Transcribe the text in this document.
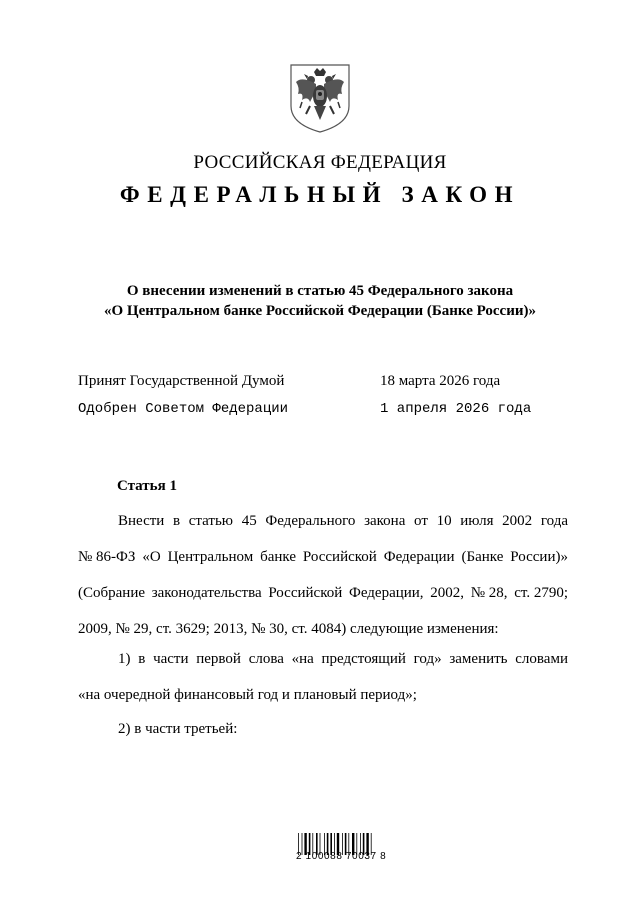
РОССИЙСКАЯ ФЕДЕРАЦИЯ
ФЕДЕРАЛЬНЫЙ ЗАКОН
О внесении изменений в статью 45 Федерального закона
«О Центральном банке Российской Федерации (Банке России)»
Принят Государственной Думой	18 марта 2026 года
Одобрен Советом Федерации	1 апреля 2026 года
Статья 1
Внести в статью 45 Федерального закона от 10 июля 2002 года
№ 86-ФЗ «О Центральном банке Российской Федерации (Банке России)»
(Собрание законодательства Российской Федерации, 2002, № 28, ст. 2790;
2009, № 29, ст. 3629; 2013, № 30, ст. 4084) следующие изменения:
1) в части первой слова «на предстоящий год» заменить словами
«на очередной финансовый год и плановый период»;
2) в части третьей:
2 100088 70037 8
